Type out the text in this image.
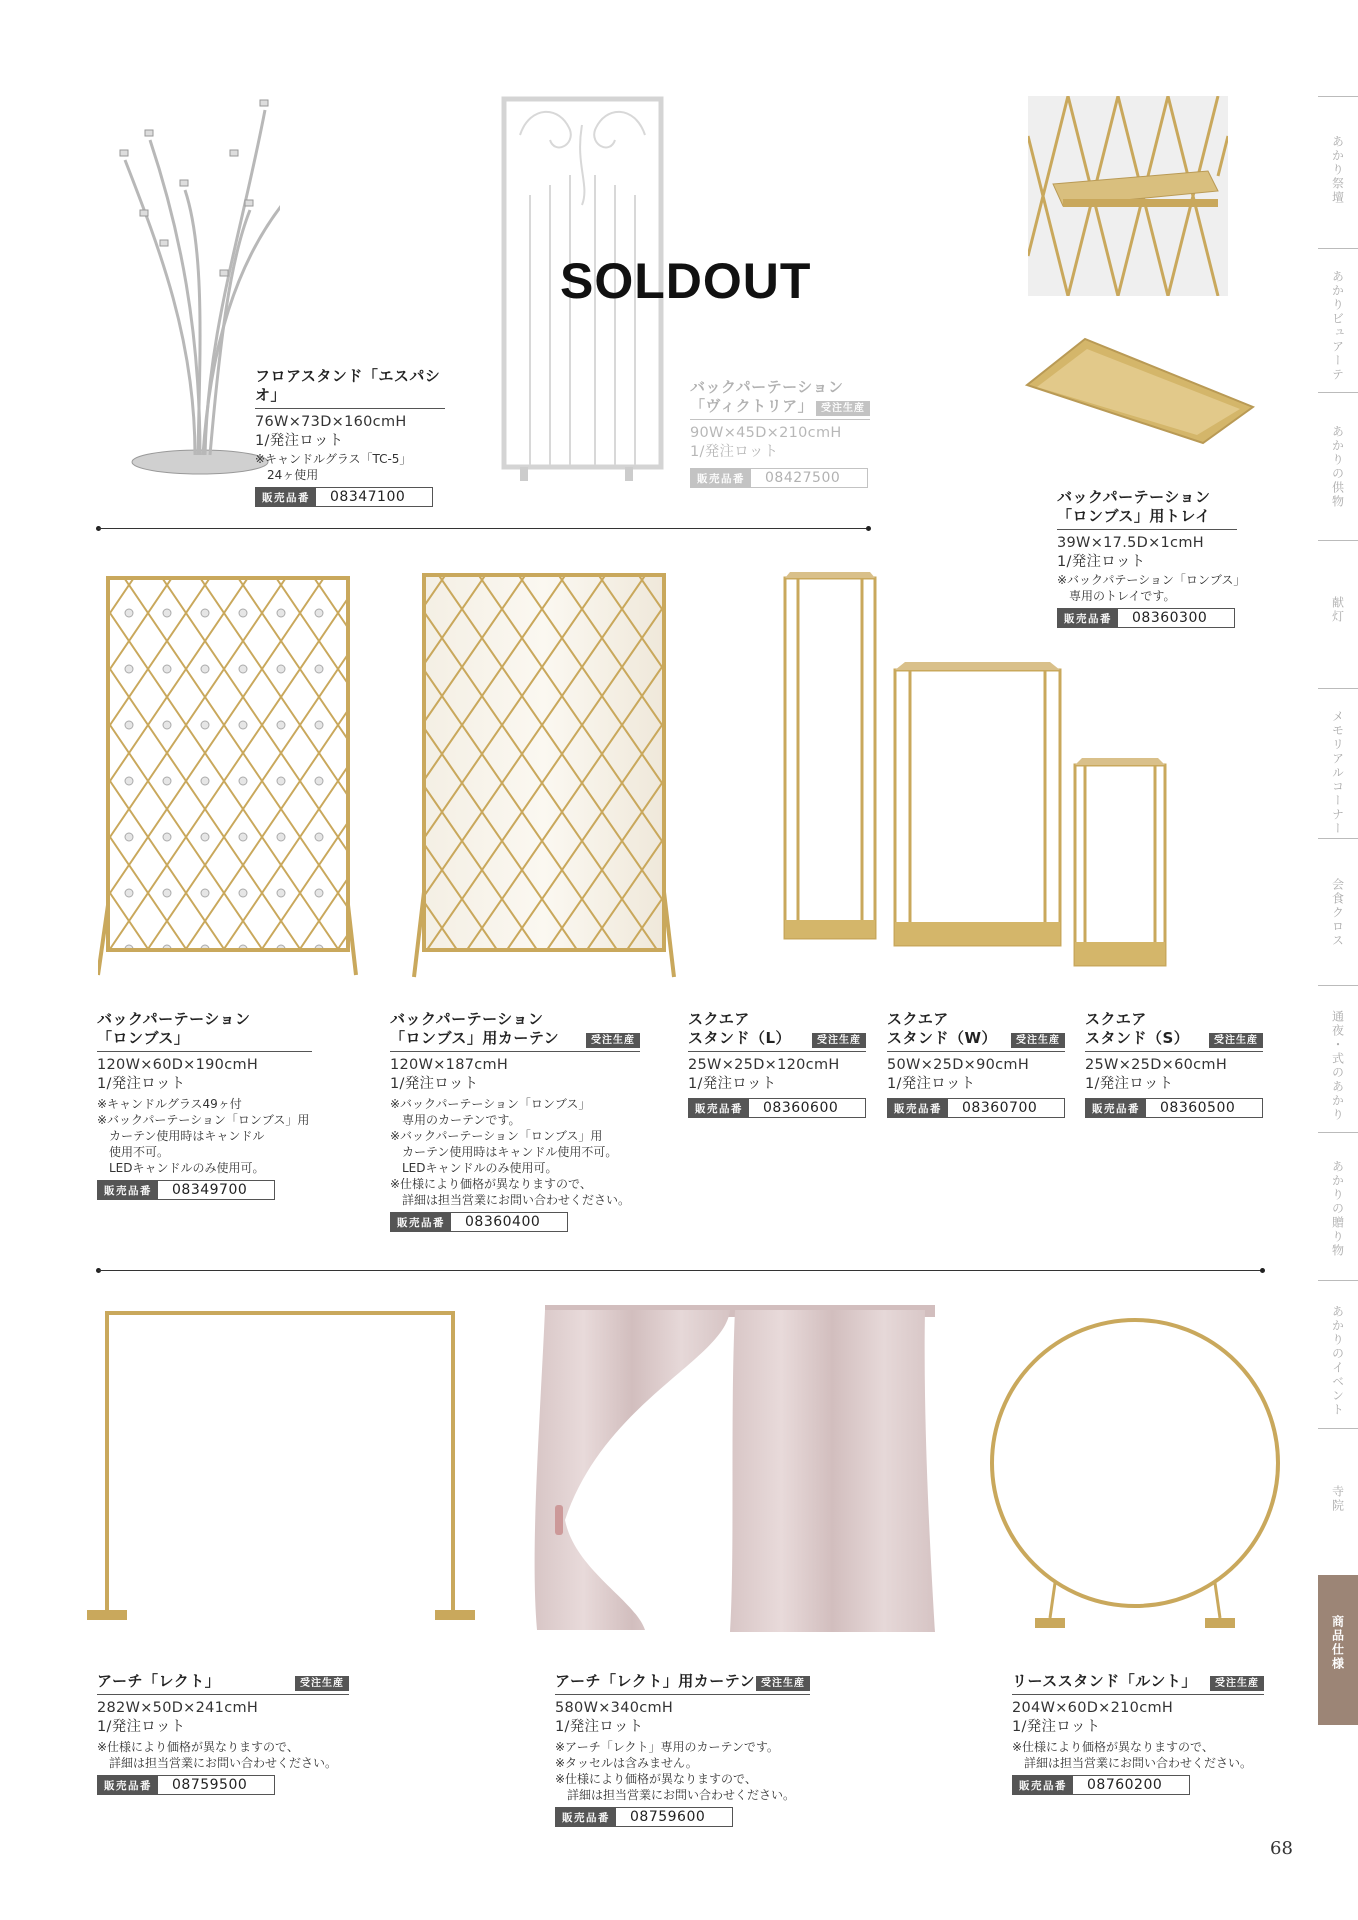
フロアスタンド「エスパシオ」
76W×73D×160cmH
1/発注ロット
※キャンドルグラス「TC-5」
　24ヶ使用
販売品番	08347100
SOLDOUT
バックパーテーション
「ヴィクトリア」 受注生産
90W×45D×210cmH
1/発注ロット
販売品番	08427500
バックパーテーション
「ロンブス」用トレイ
39W×17.5D×1cmH
1/発注ロット
※バックパテーション「ロンブス」
　専用のトレイです。
販売品番	08360300
バックパーテーション
「ロンブス」
120W×60D×190cmH
1/発注ロット
※キャンドルグラス49ヶ付
※バックパーテーション「ロンブス」用
　カーテン使用時はキャンドル
　使用不可。
　LEDキャンドルのみ使用可。
販売品番	08349700
バックパーテーション
「ロンブス」用カーテン	受注生産
120W×187cmH
1/発注ロット
※バックパーテーション「ロンブス」
　専用のカーテンです。
※バックパーテーション「ロンブス」用
　カーテン使用時はキャンドル使用不可。
　LEDキャンドルのみ使用可。
※仕様により価格が異なりますので、
　詳細は担当営業にお問い合わせください。
販売品番	08360400
スクエア
スタンド（L）	受注生産
25W×25D×120cmH
1/発注ロット
販売品番	08360600
スクエア
スタンド（W）	受注生産
50W×25D×90cmH
1/発注ロット
販売品番	08360700
スクエア
スタンド（S）	受注生産
25W×25D×60cmH
1/発注ロット
販売品番	08360500
アーチ「レクト」	受注生産
282W×50D×241cmH
1/発注ロット
※仕様により価格が異なりますので、
　詳細は担当営業にお問い合わせください。
販売品番	08759500
アーチ「レクト」用カーテン 受注生産
580W×340cmH
1/発注ロット
※アーチ「レクト」専用のカーテンです。
※タッセルは含みません。
※仕様により価格が異なりますので、
　詳細は担当営業にお問い合わせください。
販売品番	08759600
リーススタンド「ルント」	受注生産
204W×60D×210cmH
1/発注ロット
※仕様により価格が異なりますので、
　詳細は担当営業にお問い合わせください。
販売品番	08760200
あかり祭壇
あかりビュアーテ
あかりの供物
献灯
メモリアルコーナー
会食クロス
通夜・式のあかり
あかりの贈り物
あかりのイベント
寺院
商品仕様
68
